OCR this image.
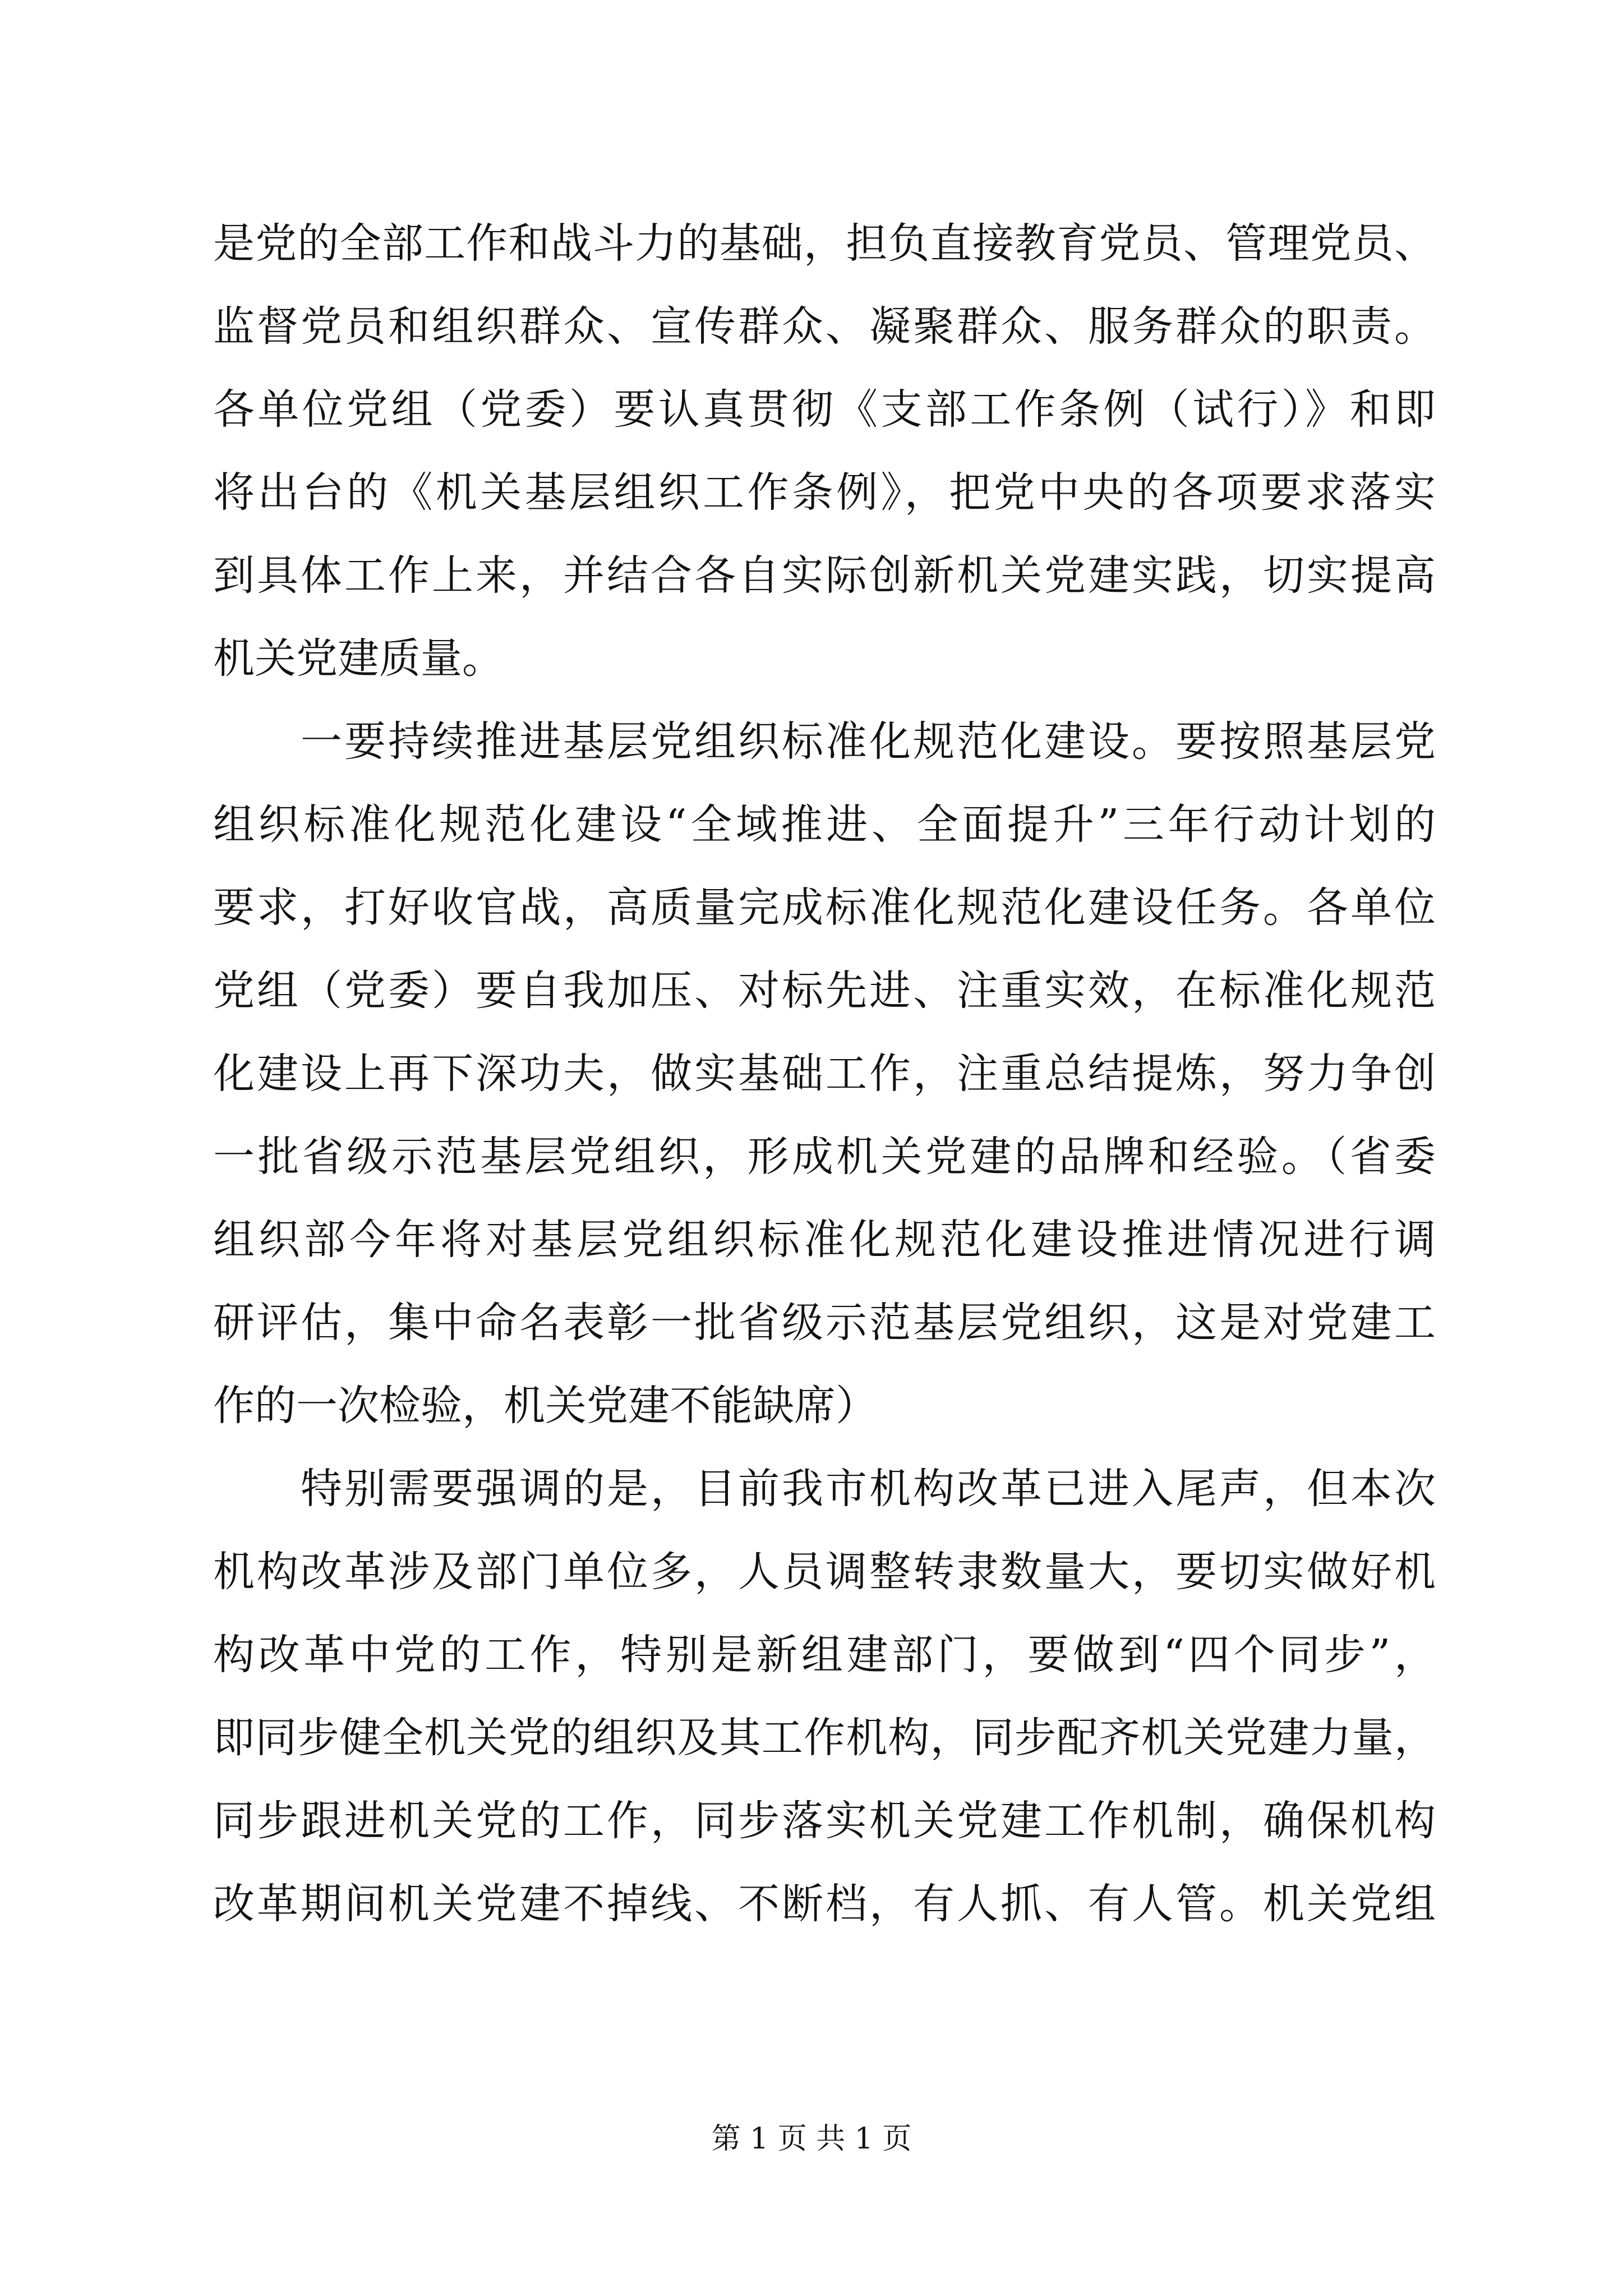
是党的全部工作和战斗力的基础，担负直接教育党员、管理党员、
监督党员和组织群众、宣传群众、凝聚群众、服务群众的职责。
各单位党组（党委）要认真贯彻《支部工作条例（试行）》和即
将出台的《机关基层组织工作条例》，把党中央的各项要求落实
到具体工作上来，并结合各自实际创新机关党建实践，切实提高
机关党建质量。
　　一要持续推进基层党组织标准化规范化建设。要按照基层党
组织标准化规范化建设“全域推进、全面提升”三年行动计划的
要求，打好收官战，高质量完成标准化规范化建设任务。各单位
党组（党委）要自我加压、对标先进、注重实效，在标准化规范
化建设上再下深功夫，做实基础工作，注重总结提炼，努力争创
一批省级示范基层党组织，形成机关党建的品牌和经验。（省委
组织部今年将对基层党组织标准化规范化建设推进情况进行调
研评估，集中命名表彰一批省级示范基层党组织，这是对党建工
作的一次检验，机关党建不能缺席）
　　特别需要强调的是，目前我市机构改革已进入尾声，但本次
机构改革涉及部门单位多，人员调整转隶数量大，要切实做好机
构改革中党的工作，特别是新组建部门，要做到“四个同步”，
即同步健全机关党的组织及其工作机构，同步配齐机关党建力量，
同步跟进机关党的工作，同步落实机关党建工作机制，确保机构
改革期间机关党建不掉线、不断档，有人抓、有人管。机关党组
第 1 页 共 1 页
